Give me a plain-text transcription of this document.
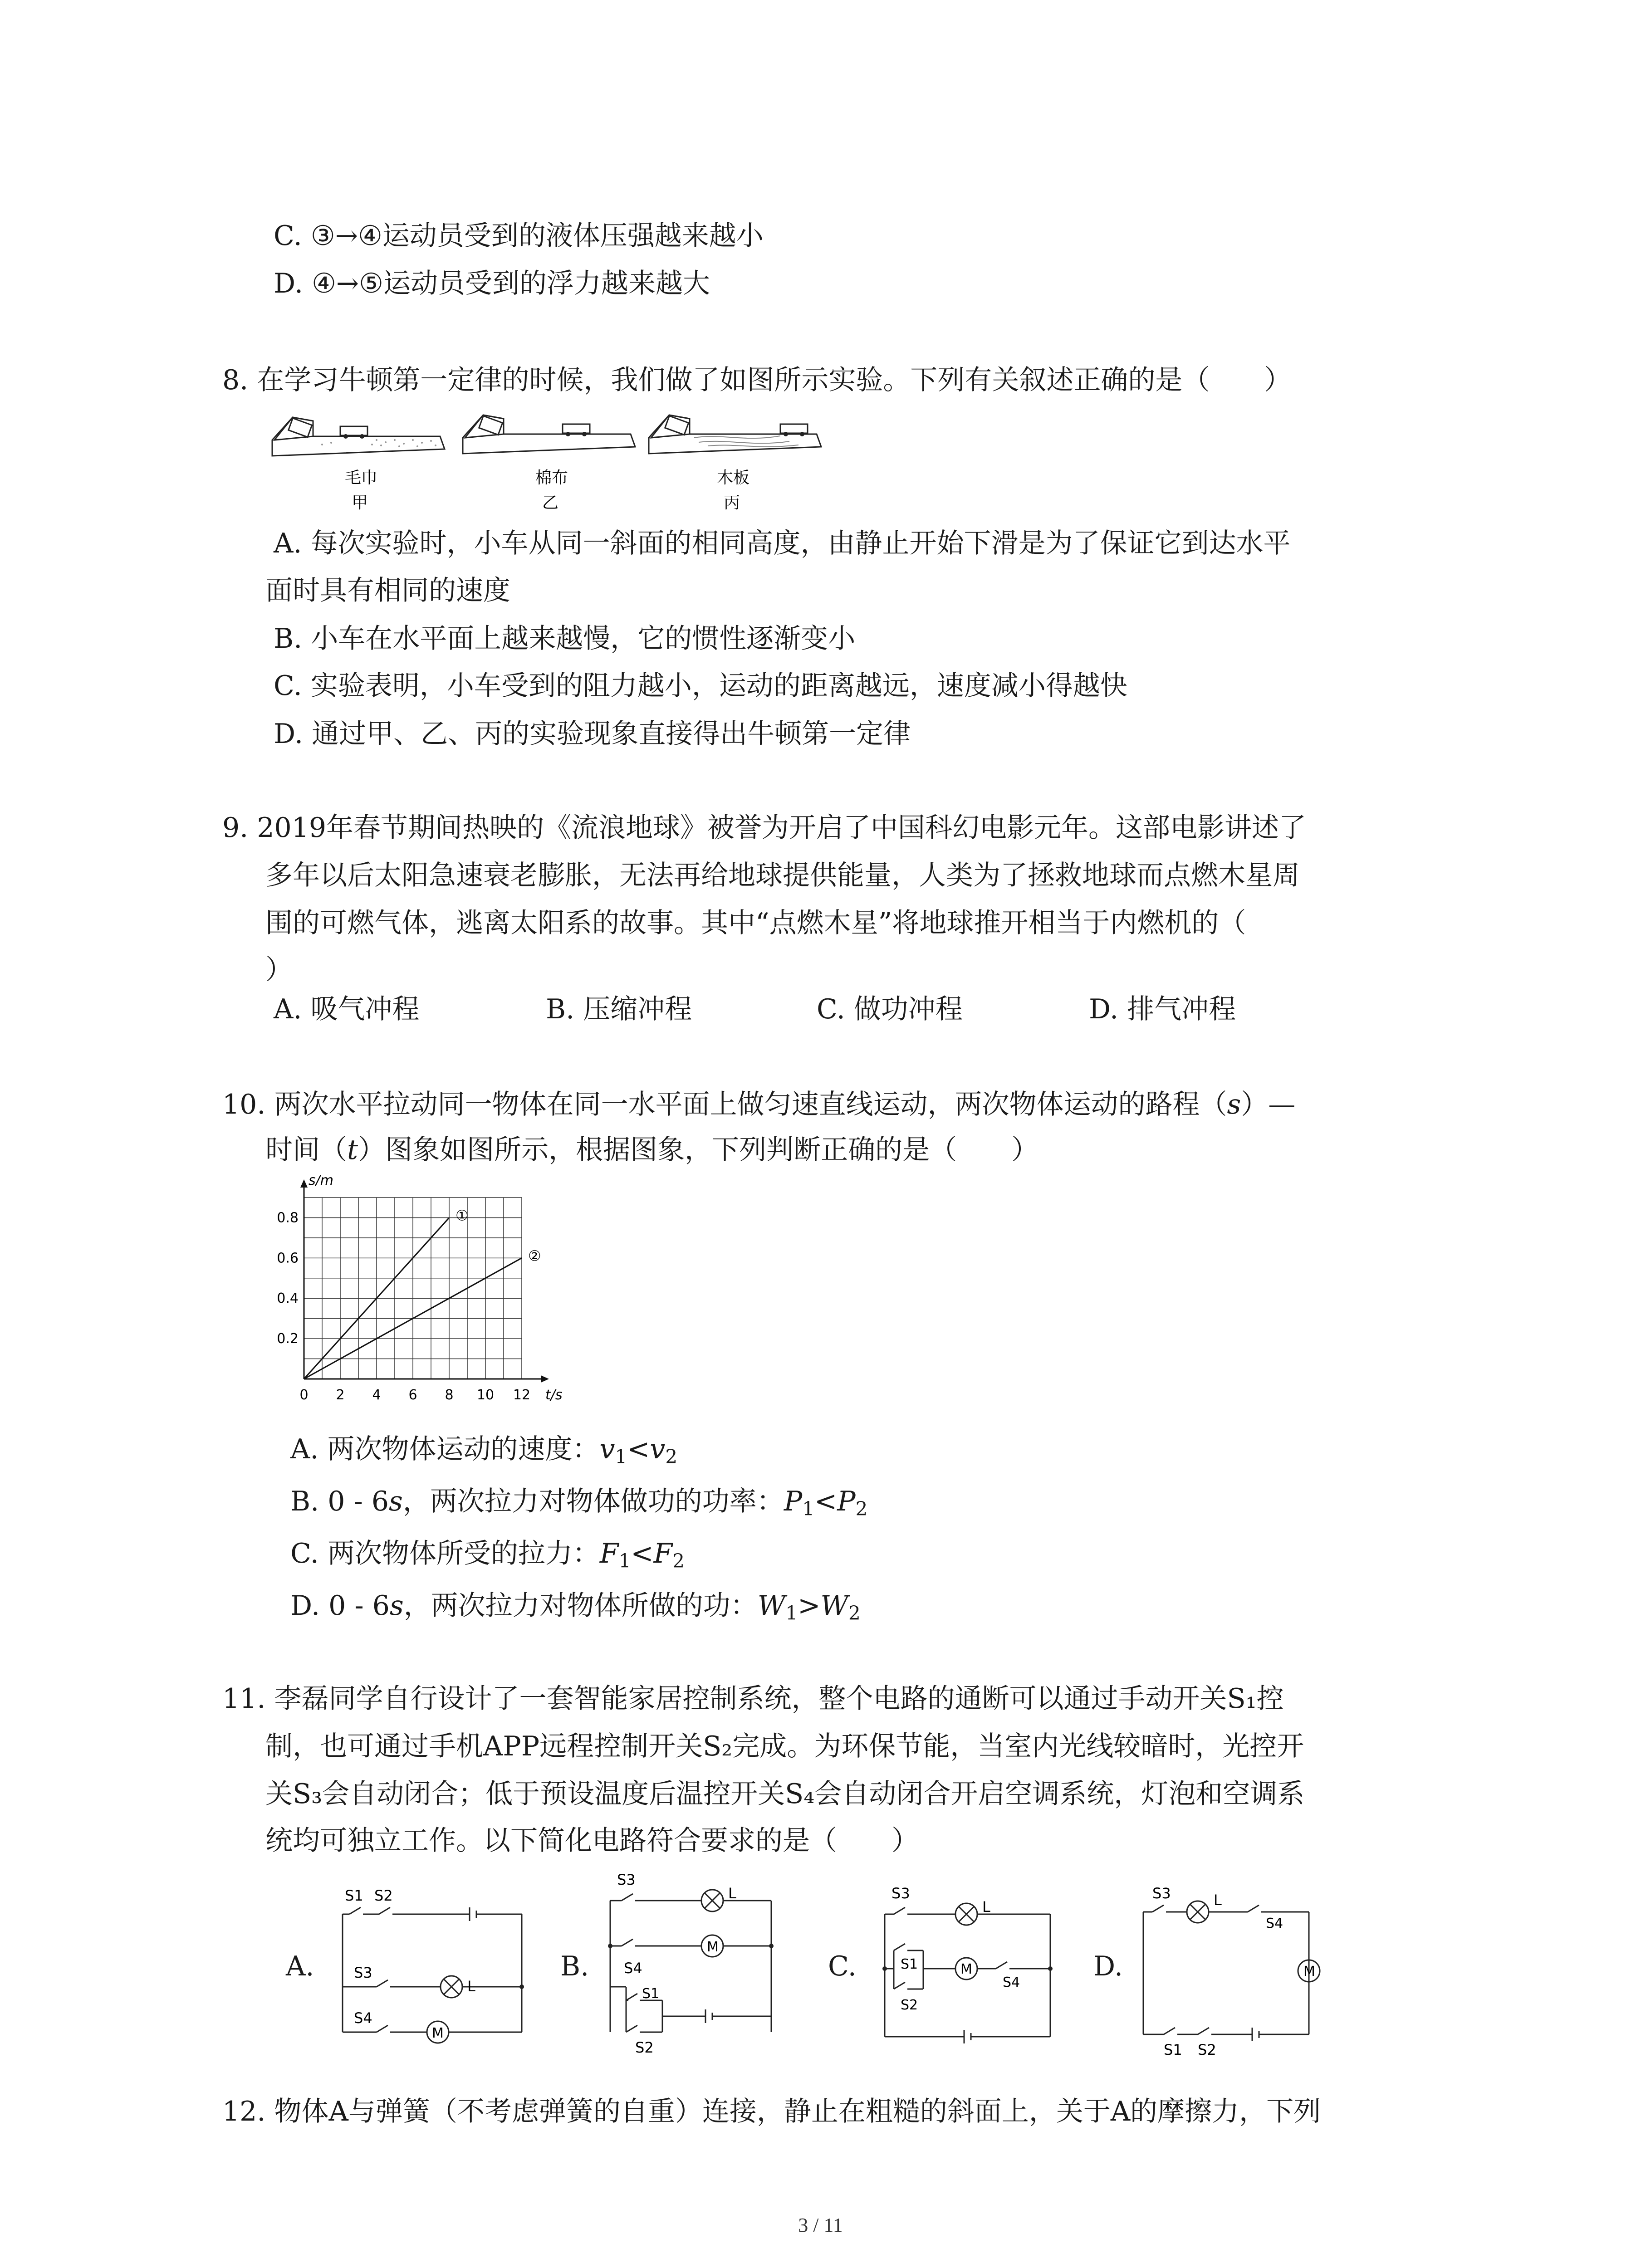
C. ③→④运动员受到的液体压强越来越小
D. ④→⑤运动员受到的浮力越来越大
8. 在学习牛顿第一定律的时候，我们做了如图所示实验。下列有关叙述正确的是（　　）
毛巾
甲
棉布
乙
木板
丙
A. 每次实验时，小车从同一斜面的相同高度，由静止开始下滑是为了保证它到达水平
面时具有相同的速度
B. 小车在水平面上越来越慢，它的惯性逐渐变小
C. 实验表明，小车受到的阻力越小，运动的距离越远，速度减小得越快
D. 通过甲、乙、丙的实验现象直接得出牛顿第一定律
9. 2019年春节期间热映的《流浪地球》被誉为开启了中国科幻电影元年。这部电影讲述了
多年以后太阳急速衰老膨胀，无法再给地球提供能量，人类为了拯救地球而点燃木星周
围的可燃气体，逃离太阳系的故事。其中“点燃木星”将地球推开相当于内燃机的（
）
A. 吸气冲程	B. 压缩冲程	C. 做功冲程	D. 排气冲程
10. 两次水平拉动同一物体在同一水平面上做匀速直线运动，两次物体运动的路程（s）—
时间（t）图象如图所示，根据图象，下列判断正确的是（　　）
①
②
t/s
s/m
0 2 4 6 8 10 12
0.2
0.4
0.6
0.8
A. 两次物体运动的速度：$v_1<v_2$
B. 0 - 6s，两次拉力对物体做功的功率：$P_1<P_2$
C. 两次物体所受的拉力：$F_1<F_2$
D. 0 - 6s，两次拉力对物体所做的功：$W_1>W_2$
11. 李磊同学自行设计了一套智能家居控制系统，整个电路的通断可以通过手动开关S₁控
制，也可通过手机APP远程控制开关S₂完成。为环保节能，当室内光线较暗时，光控开
关S₃会自动闭合；低于预设温度后温控开关S₄会自动闭合开启空调系统，灯泡和空调系
统均可独立工作。以下简化电路符合要求的是（　　）
A.	B.	C.	D.
S1 S2
S3
L
S4
M
S3
L
M
S4
S1
S2
S3
L
S1	M
S4
S2
S3	L
S4
M
S1 S2
12. 物体A与弹簧（不考虑弹簧的自重）连接，静止在粗糙的斜面上，关于A的摩擦力，下列
3 / 11
